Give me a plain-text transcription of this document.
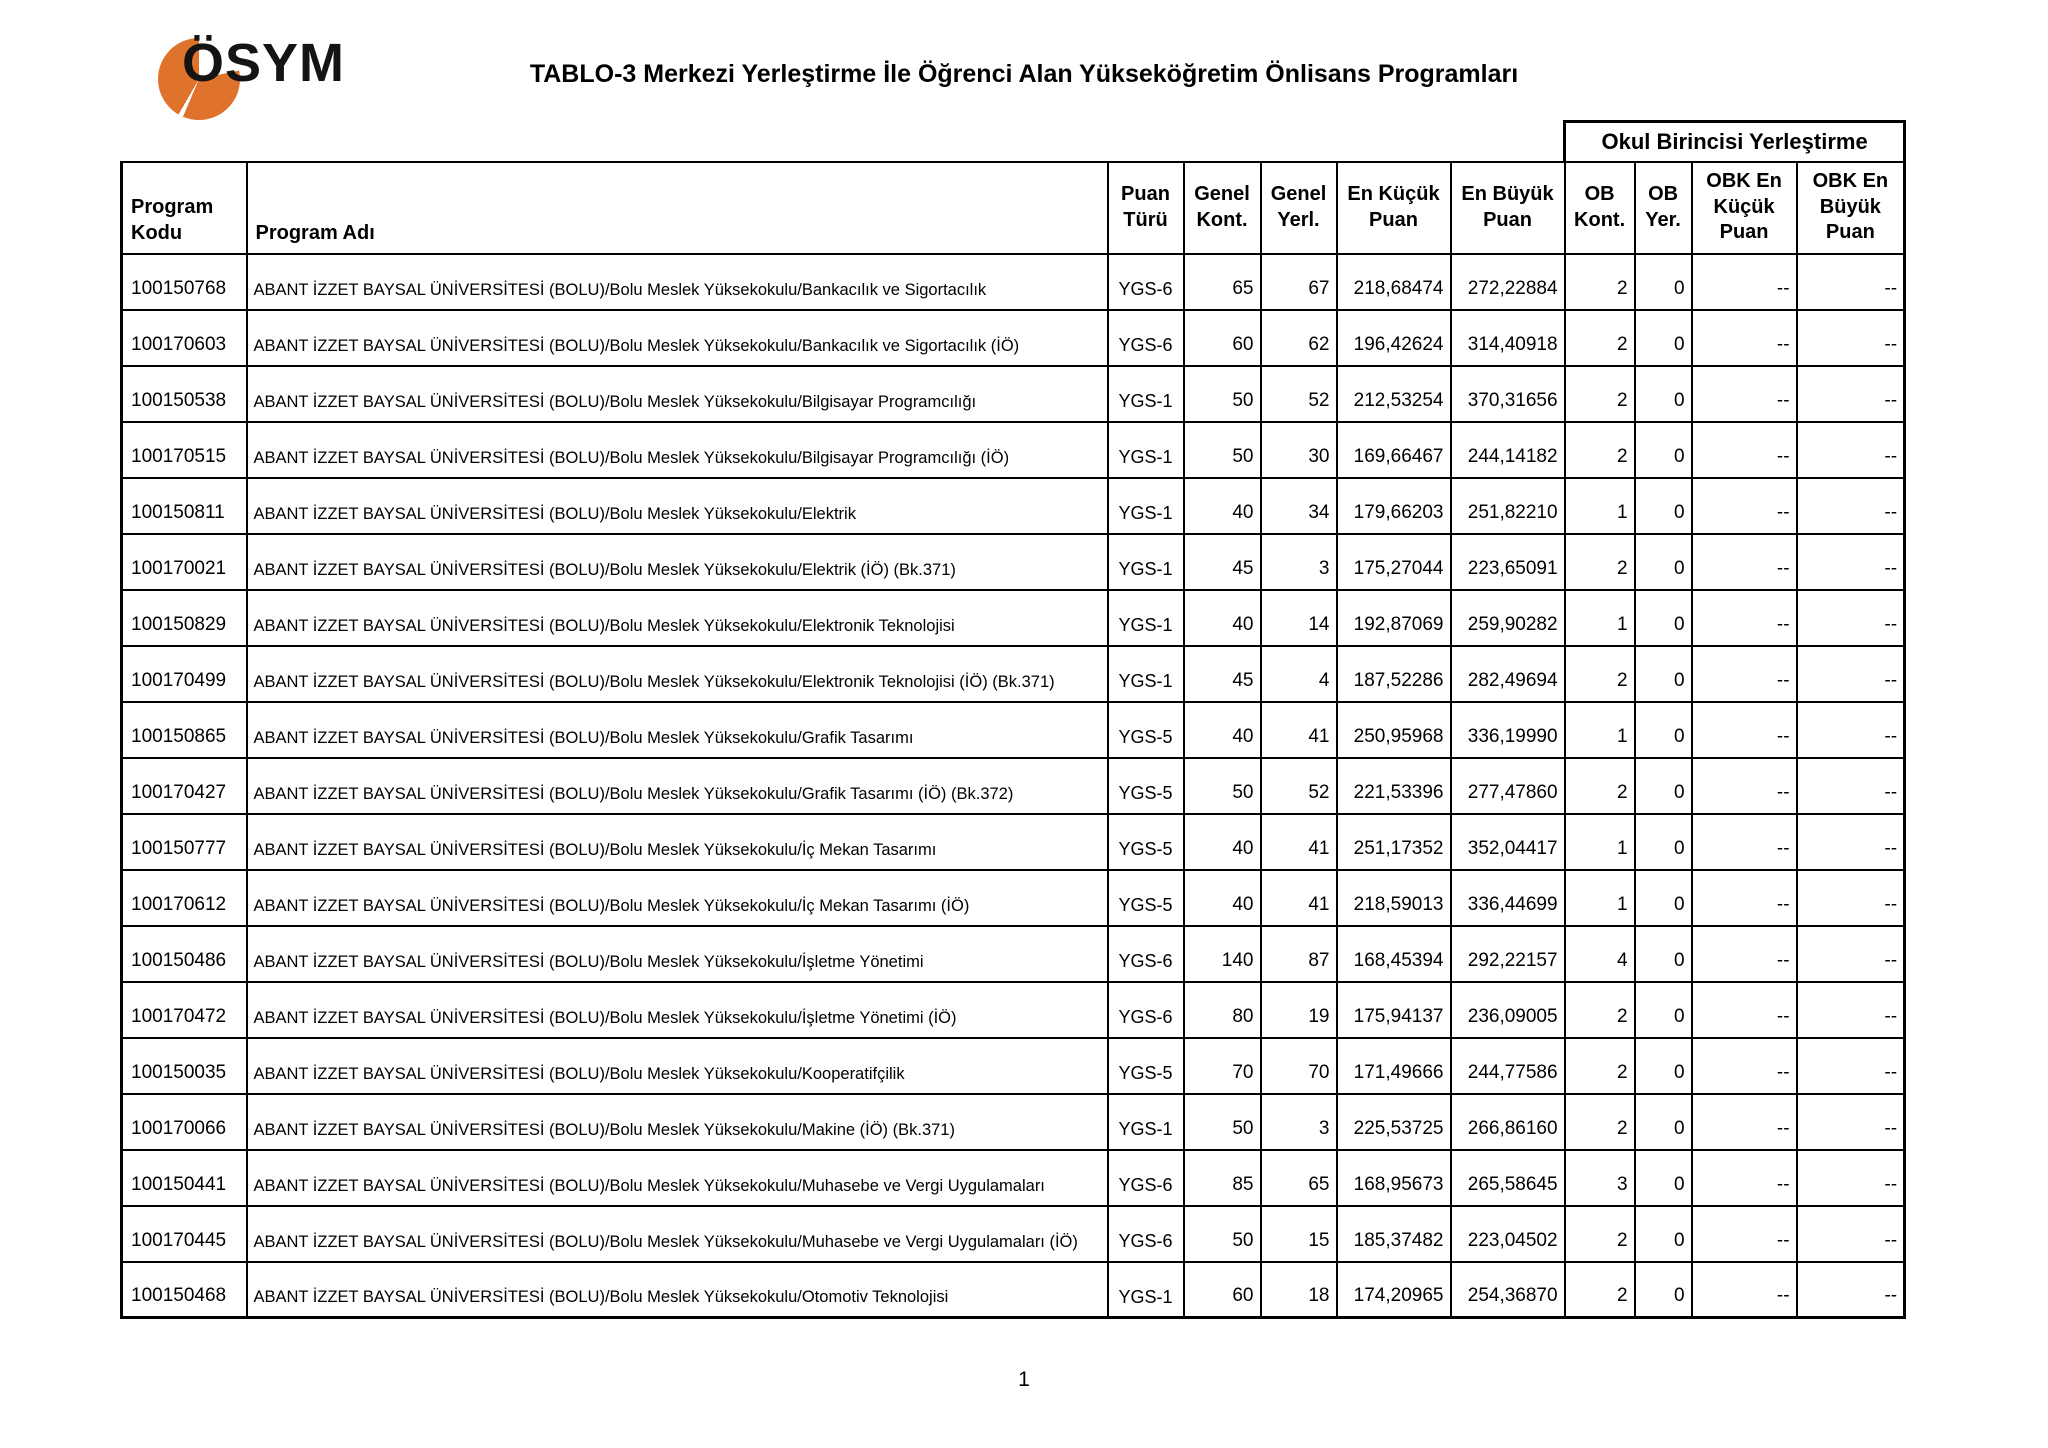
ÖSYM	TABLO-3 Merkezi Yerleştirme İle Öğrenci Alan Yükseköğretim Önlisans Programları
							Okul Birincisi Yerleştirme			
Program Kodu	Program Adı	Puan Türü	Genel Kont.	Genel Yerl.	En Küçük Puan	En Büyük Puan	OB Kont.	OB Yer.	OBK En Küçük Puan	OBK En Büyük Puan
100150768	ABANT İZZET BAYSAL ÜNİVERSİTESİ (BOLU)/Bolu Meslek Yüksekokulu/Bankacılık ve Sigortacılık	YGS-6	65	67	218,68474	272,22884	2	0	--	--
100170603	ABANT İZZET BAYSAL ÜNİVERSİTESİ (BOLU)/Bolu Meslek Yüksekokulu/Bankacılık ve Sigortacılık (İÖ)	YGS-6	60	62	196,42624	314,40918	2	0	--	--
100150538	ABANT İZZET BAYSAL ÜNİVERSİTESİ (BOLU)/Bolu Meslek Yüksekokulu/Bilgisayar Programcılığı	YGS-1	50	52	212,53254	370,31656	2	0	--	--
100170515	ABANT İZZET BAYSAL ÜNİVERSİTESİ (BOLU)/Bolu Meslek Yüksekokulu/Bilgisayar Programcılığı (İÖ)	YGS-1	50	30	169,66467	244,14182	2	0	--	--
100150811	ABANT İZZET BAYSAL ÜNİVERSİTESİ (BOLU)/Bolu Meslek Yüksekokulu/Elektrik	YGS-1	40	34	179,66203	251,82210	1	0	--	--
100170021	ABANT İZZET BAYSAL ÜNİVERSİTESİ (BOLU)/Bolu Meslek Yüksekokulu/Elektrik (İÖ) (Bk.371)	YGS-1	45	3	175,27044	223,65091	2	0	--	--
100150829	ABANT İZZET BAYSAL ÜNİVERSİTESİ (BOLU)/Bolu Meslek Yüksekokulu/Elektronik Teknolojisi	YGS-1	40	14	192,87069	259,90282	1	0	--	--
100170499	ABANT İZZET BAYSAL ÜNİVERSİTESİ (BOLU)/Bolu Meslek Yüksekokulu/Elektronik Teknolojisi (İÖ) (Bk.371)	YGS-1	45	4	187,52286	282,49694	2	0	--	--
100150865	ABANT İZZET BAYSAL ÜNİVERSİTESİ (BOLU)/Bolu Meslek Yüksekokulu/Grafik Tasarımı	YGS-5	40	41	250,95968	336,19990	1	0	--	--
100170427	ABANT İZZET BAYSAL ÜNİVERSİTESİ (BOLU)/Bolu Meslek Yüksekokulu/Grafik Tasarımı (İÖ) (Bk.372)	YGS-5	50	52	221,53396	277,47860	2	0	--	--
100150777	ABANT İZZET BAYSAL ÜNİVERSİTESİ (BOLU)/Bolu Meslek Yüksekokulu/İç Mekan Tasarımı	YGS-5	40	41	251,17352	352,04417	1	0	--	--
100170612	ABANT İZZET BAYSAL ÜNİVERSİTESİ (BOLU)/Bolu Meslek Yüksekokulu/İç Mekan Tasarımı (İÖ)	YGS-5	40	41	218,59013	336,44699	1	0	--	--
100150486	ABANT İZZET BAYSAL ÜNİVERSİTESİ (BOLU)/Bolu Meslek Yüksekokulu/İşletme Yönetimi	YGS-6	140	87	168,45394	292,22157	4	0	--	--
100170472	ABANT İZZET BAYSAL ÜNİVERSİTESİ (BOLU)/Bolu Meslek Yüksekokulu/İşletme Yönetimi (İÖ)	YGS-6	80	19	175,94137	236,09005	2	0	--	--
100150035	ABANT İZZET BAYSAL ÜNİVERSİTESİ (BOLU)/Bolu Meslek Yüksekokulu/Kooperatifçilik	YGS-5	70	70	171,49666	244,77586	2	0	--	--
100170066	ABANT İZZET BAYSAL ÜNİVERSİTESİ (BOLU)/Bolu Meslek Yüksekokulu/Makine (İÖ) (Bk.371)	YGS-1	50	3	225,53725	266,86160	2	0	--	--
100150441	ABANT İZZET BAYSAL ÜNİVERSİTESİ (BOLU)/Bolu Meslek Yüksekokulu/Muhasebe ve Vergi Uygulamaları	YGS-6	85	65	168,95673	265,58645	3	0	--	--
100170445	ABANT İZZET BAYSAL ÜNİVERSİTESİ (BOLU)/Bolu Meslek Yüksekokulu/Muhasebe ve Vergi Uygulamaları (İÖ)	YGS-6	50	15	185,37482	223,04502	2	0	--	--
100150468	ABANT İZZET BAYSAL ÜNİVERSİTESİ (BOLU)/Bolu Meslek Yüksekokulu/Otomotiv Teknolojisi	YGS-1	60	18	174,20965	254,36870	2	0	--	--
1
